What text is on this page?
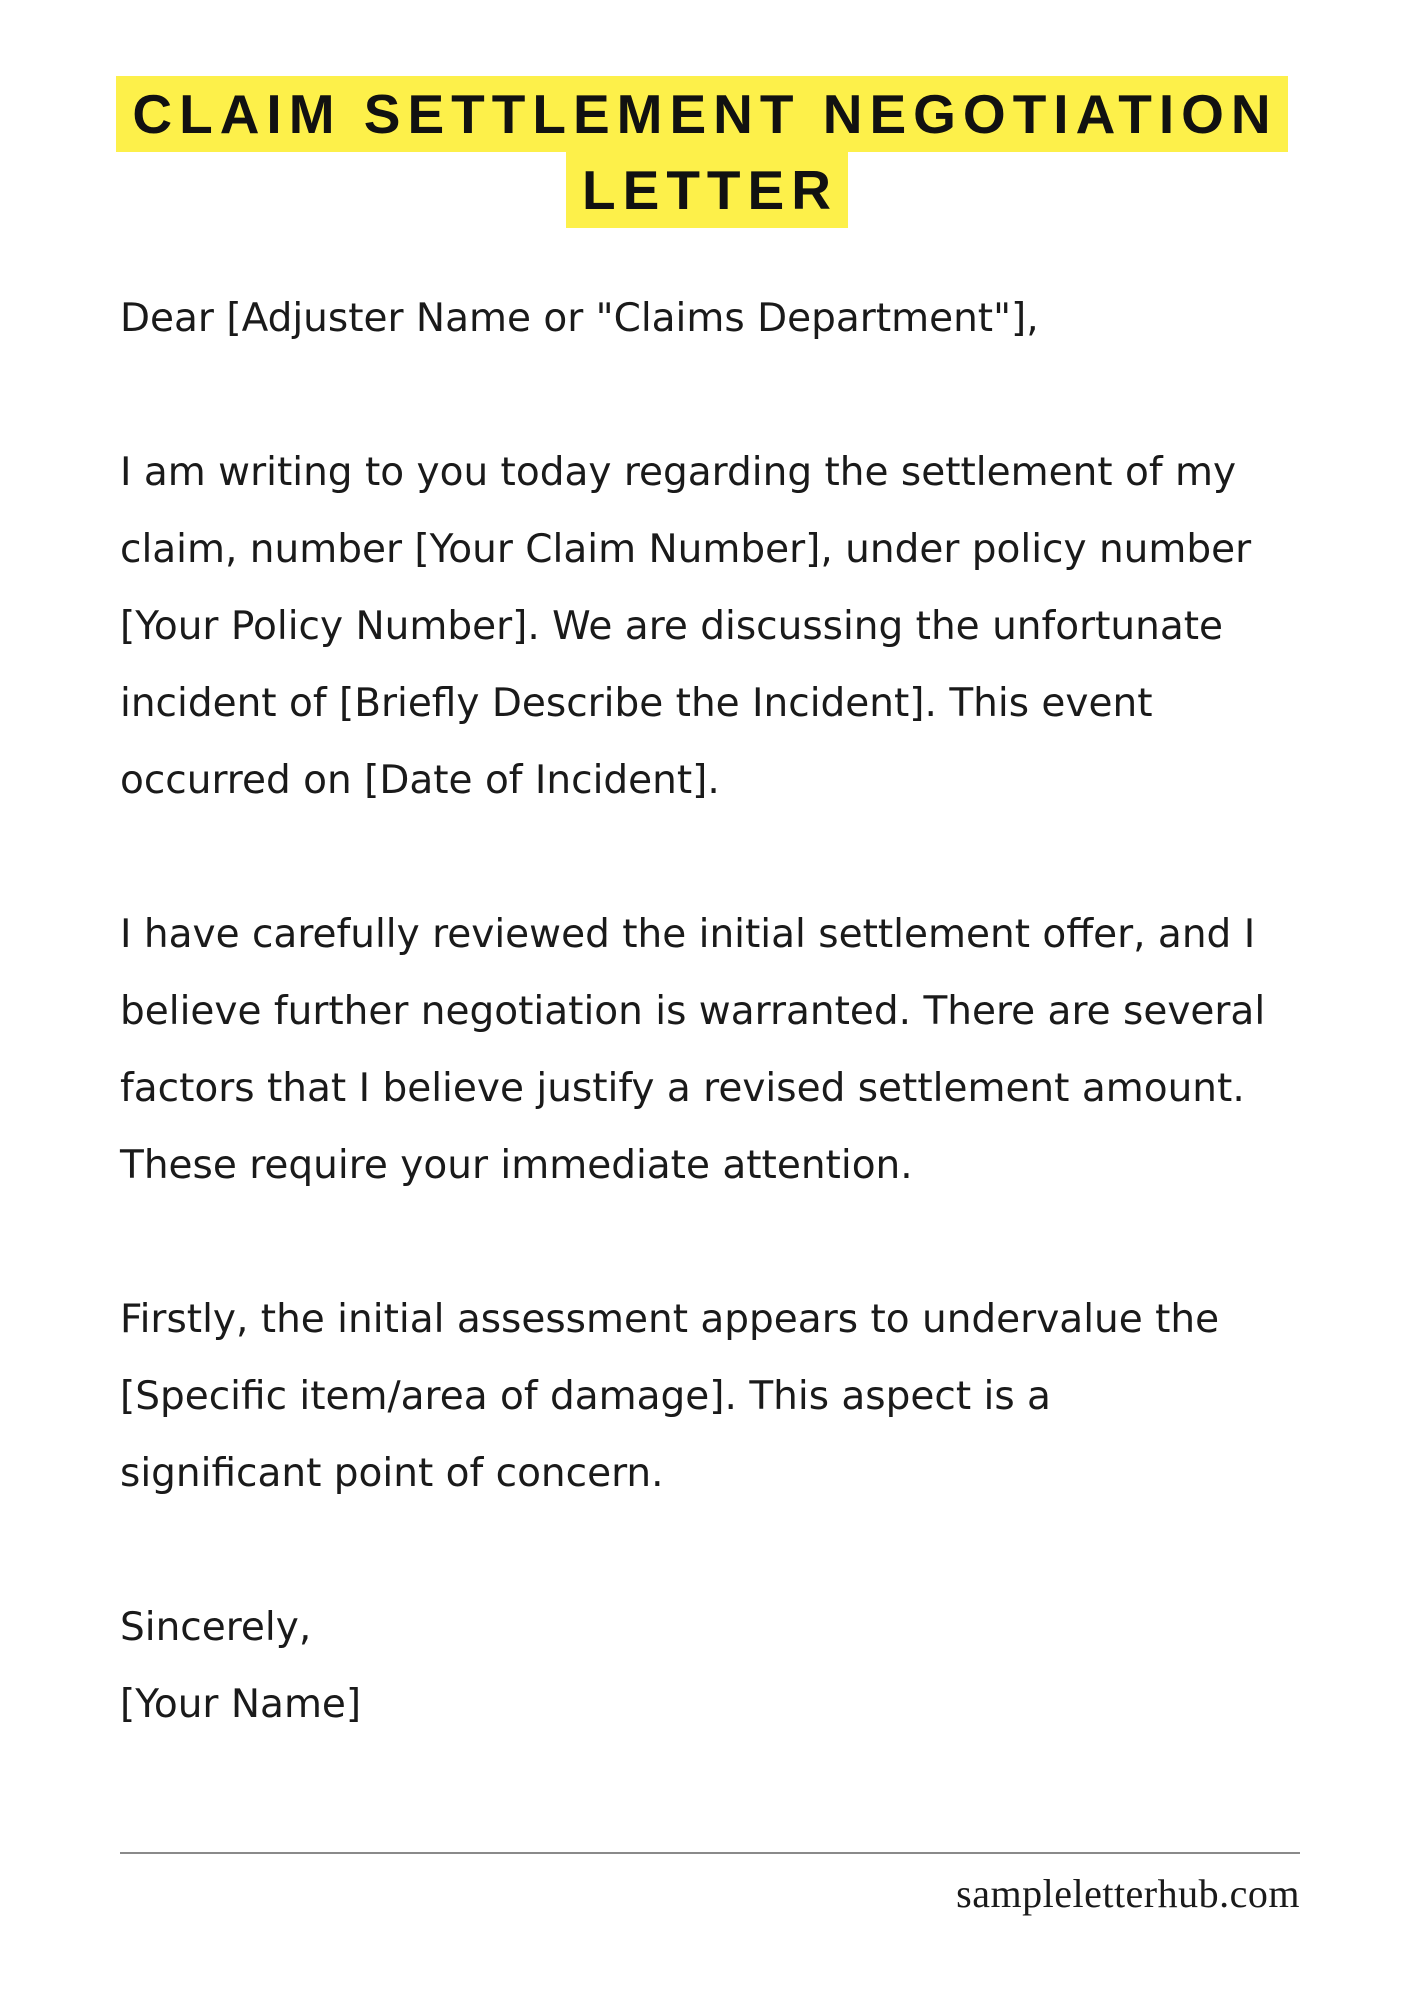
CLAIM SETTLEMENT NEGOTIATION
LETTER
Dear [Adjuster Name or "Claims Department"],
I am writing to you today regarding the settlement of my
claim, number [Your Claim Number], under policy number
[Your Policy Number]. We are discussing the unfortunate
incident of [Briefly Describe the Incident]. This event
occurred on [Date of Incident].
I have carefully reviewed the initial settlement offer, and I
believe further negotiation is warranted. There are several
factors that I believe justify a revised settlement amount.
These require your immediate attention.
Firstly, the initial assessment appears to undervalue the
[Specific item/area of damage]. This aspect is a
significant point of concern.
Sincerely,
[Your Name]
sampleletterhub.com
